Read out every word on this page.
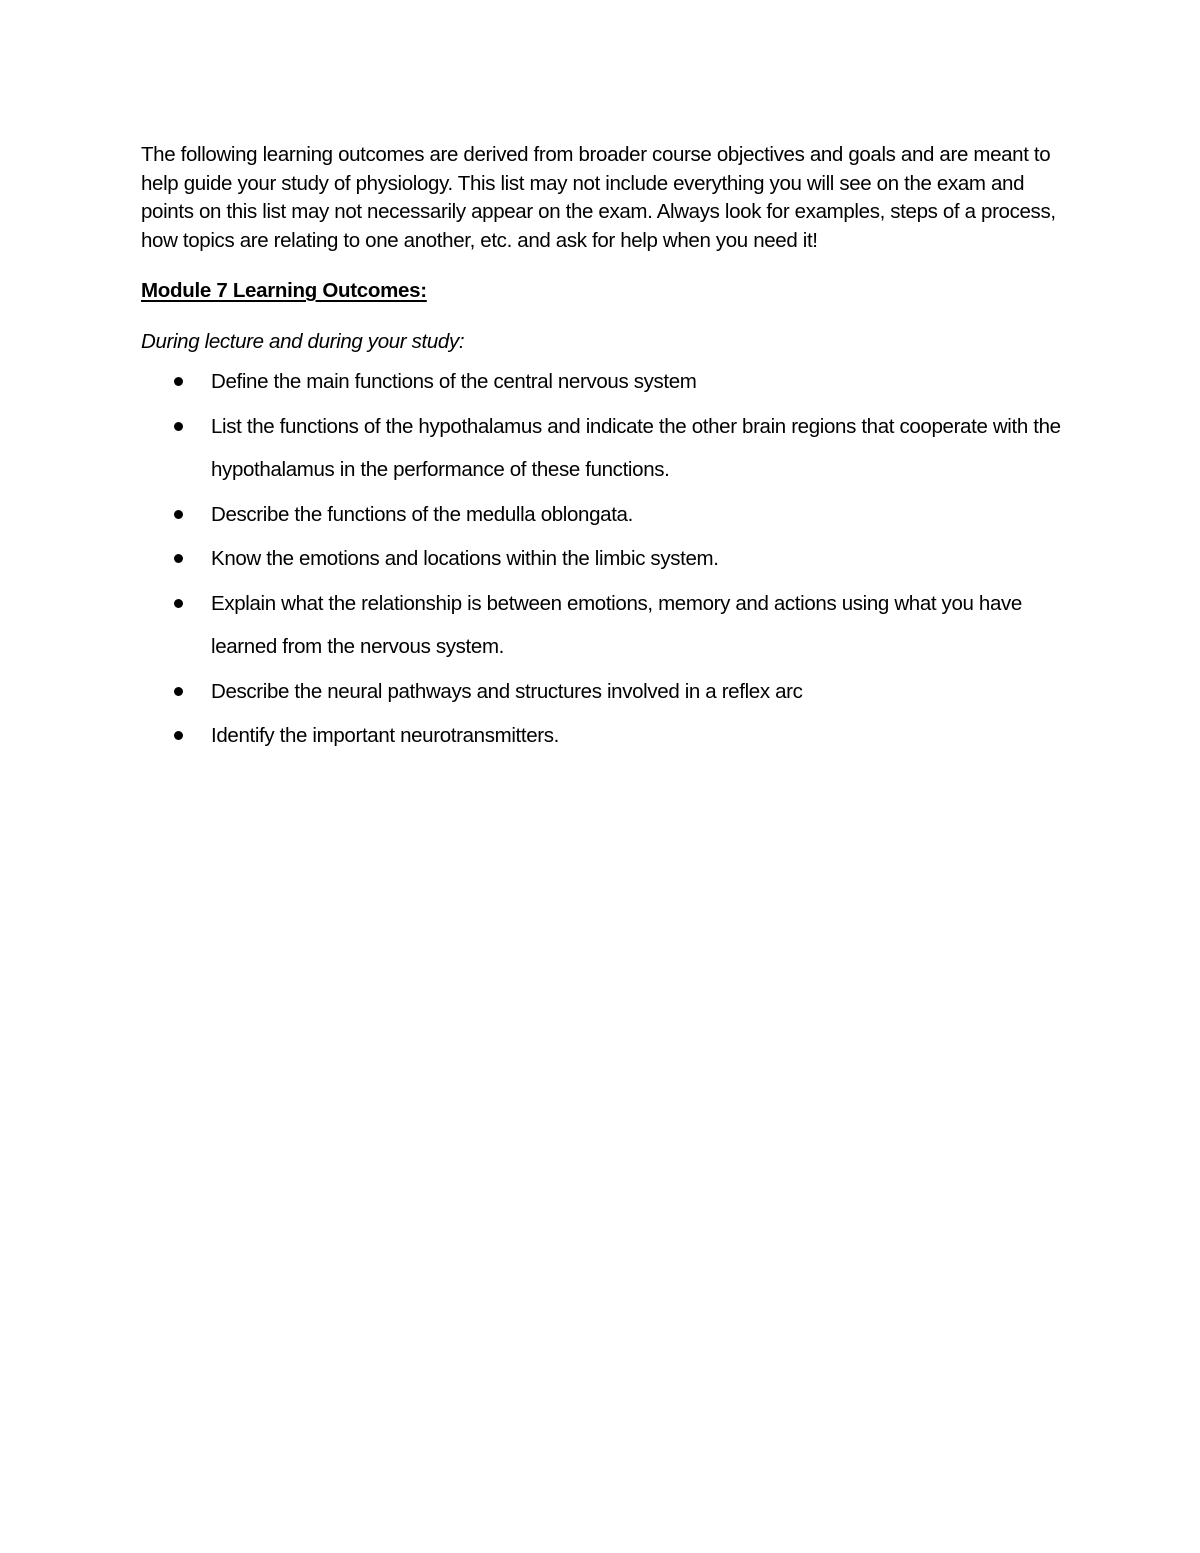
The following learning outcomes are derived from broader course objectives and goals and are meant to help guide your study of physiology. This list may not include everything you will see on the exam and points on this list may not necessarily appear on the exam. Always look for examples, steps of a process, how topics are relating to one another, etc. and ask for help when you need it!

Module 7 Learning Outcomes:

During lecture and during your study:

Define the main functions of the central nervous system
List the functions of the hypothalamus and indicate the other brain regions that cooperate with the hypothalamus in the performance of these functions.
Describe the functions of the medulla oblongata.
Know the emotions and locations within the limbic system.
Explain what the relationship is between emotions, memory and actions using what you have learned from the nervous system.
Describe the neural pathways and structures involved in a reflex arc
Identify the important neurotransmitters.
